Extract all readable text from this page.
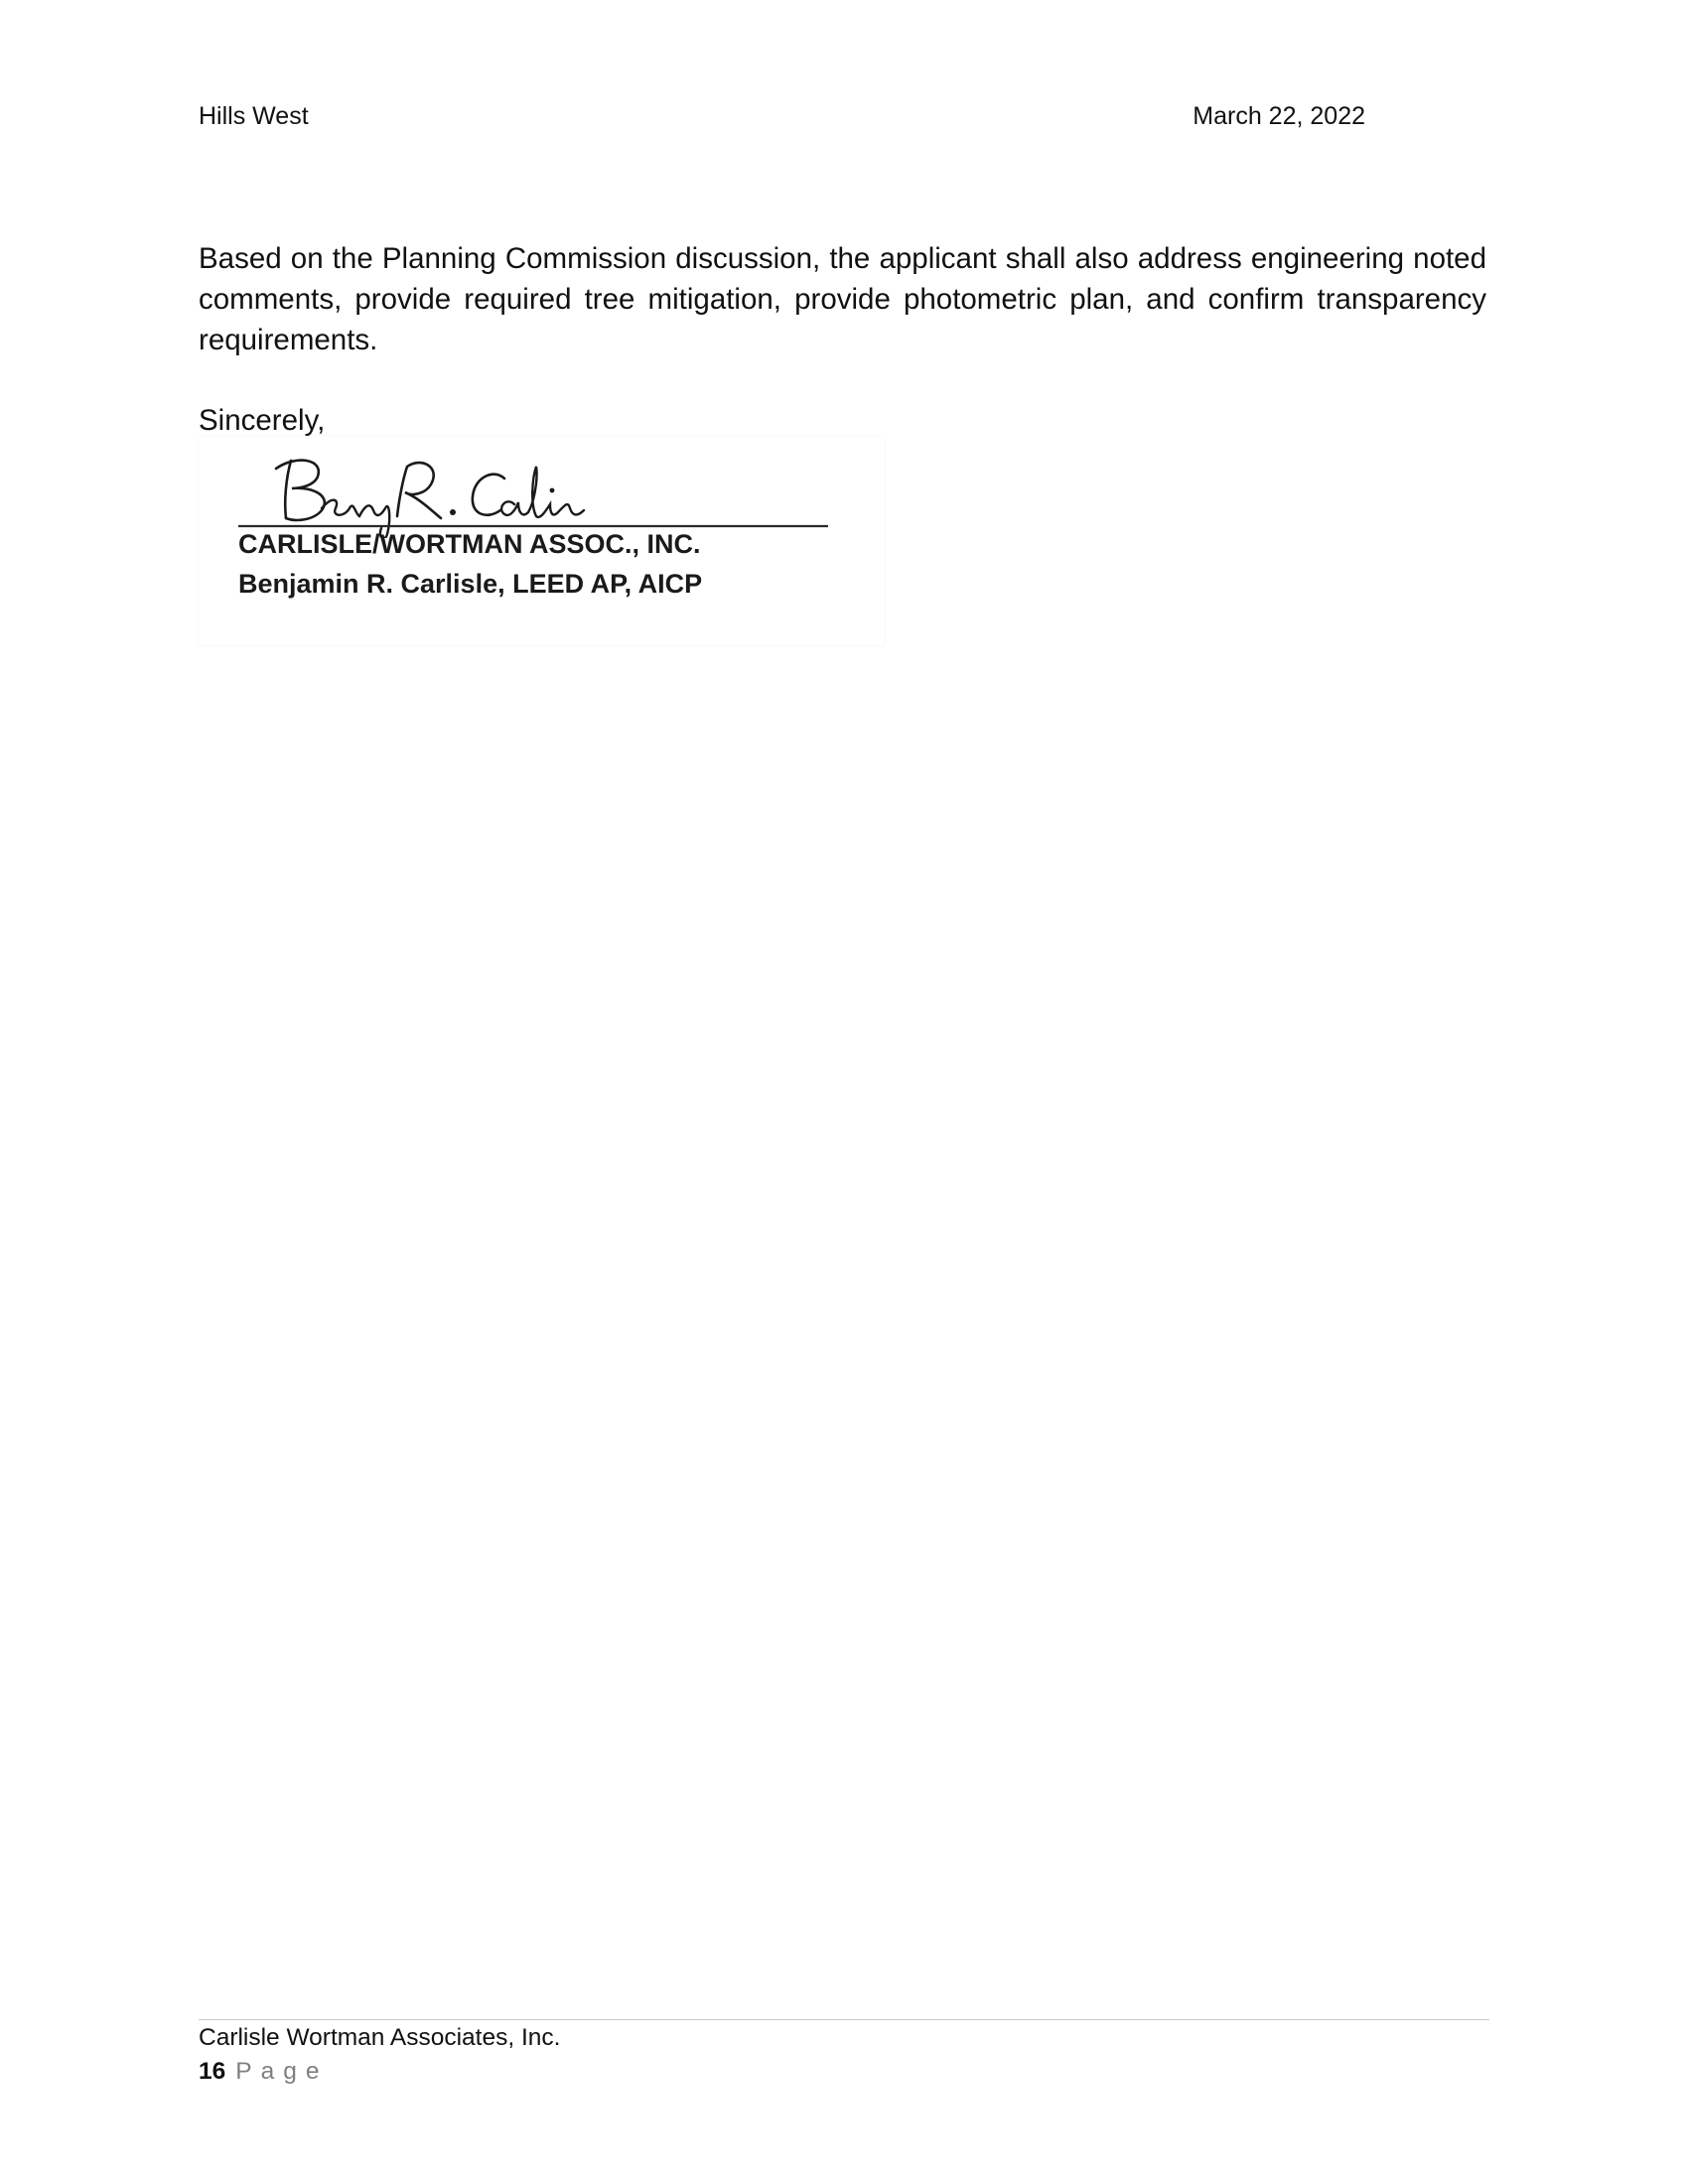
Hills West	March 22, 2022

Based on the Planning Commission discussion, the applicant shall also address engineering noted comments, provide required tree mitigation, provide photometric plan, and confirm transparency requirements.

Sincerely,

CARLISLE/WORTMAN ASSOC., INC.
Benjamin R. Carlisle, LEED AP, AICP
Carlisle Wortman Associates, Inc.
16 Page
